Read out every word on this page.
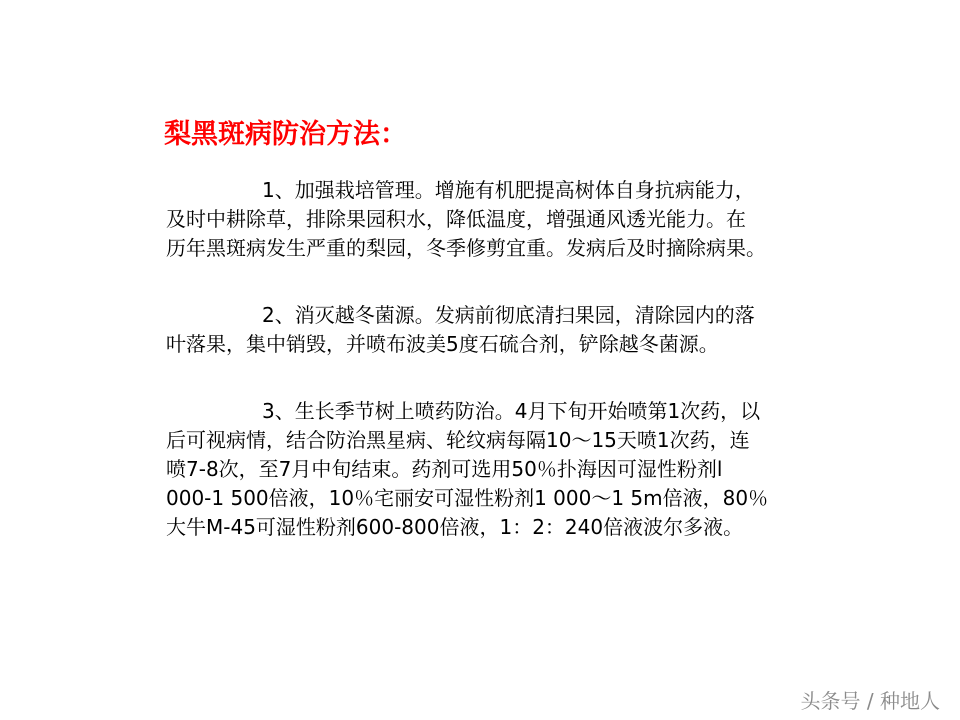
梨黑斑病防治方法：
1、加强栽培管理。增施有机肥提高树体自身抗病能力，
及时中耕除草，排除果园积水，降低温度，增强通风透光能力。在
历年黑斑病发生严重的梨园，冬季修剪宜重。发病后及时摘除病果。
2、消灭越冬菌源。发病前彻底清扫果园，清除园内的落
叶落果，集中销毁，并喷布波美5度石硫合剂，铲除越冬菌源。
3、生长季节树上喷药防治。4月下旬开始喷第1次药，以
后可视病情，结合防治黑星病、轮纹病每隔10～15天喷1次药，连
喷7-8次，至7月中旬结束。药剂可选用50％扑海因可湿性粉剂l
000-1 500倍液，10％宅丽安可湿性粉剂1 000～1 5m倍液，80％
大牛M-45可湿性粉剂600-800倍液，1：2：240倍液波尔多液。
头条号 / 种地人
